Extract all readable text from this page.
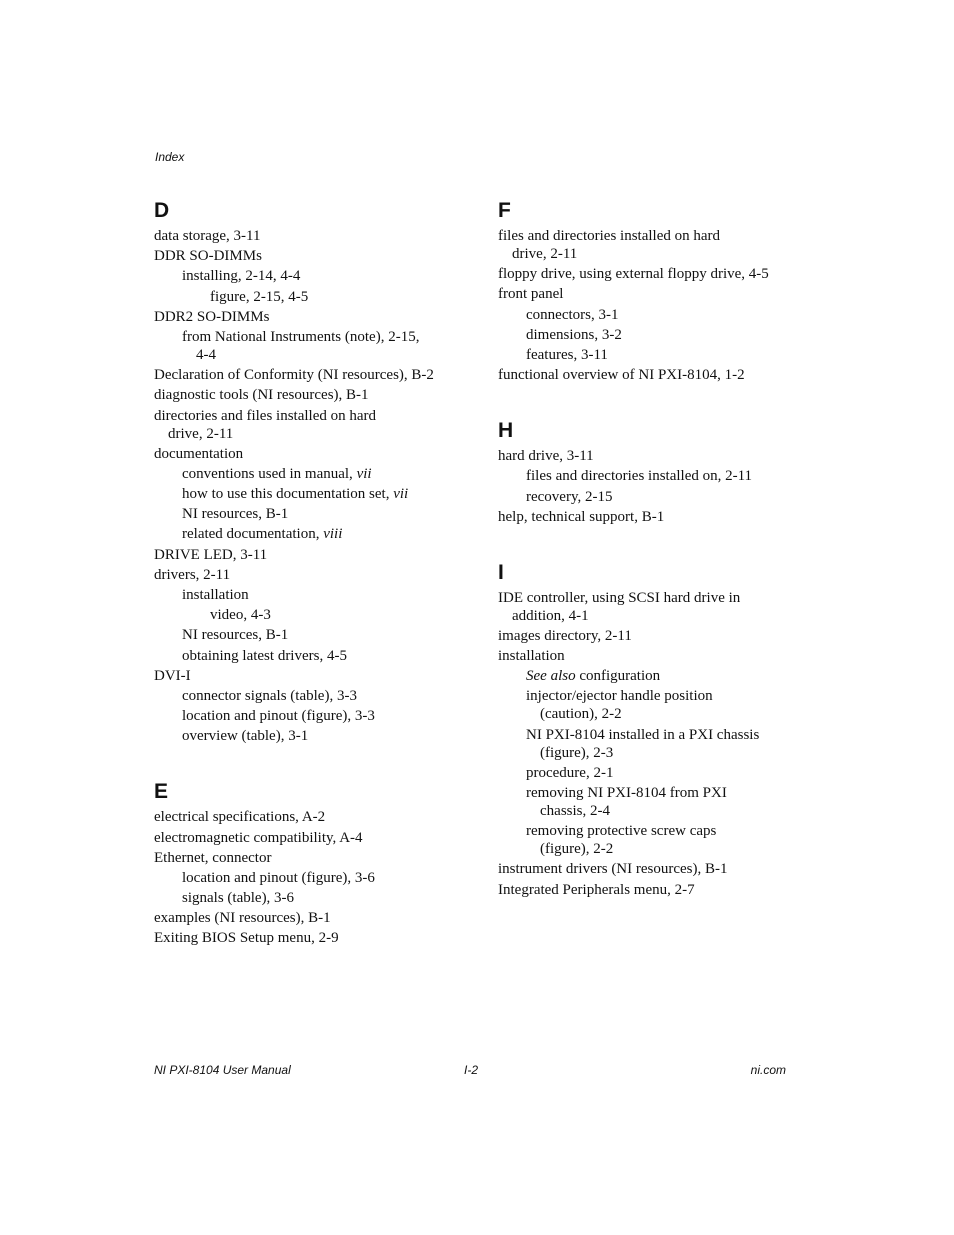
Index
D
data storage, 3-11
DDR SO-DIMMs
installing, 2-14, 4-4
figure, 2-15, 4-5
DDR2 SO-DIMMs
from National Instruments (note), 2-15,
4-4
Declaration of Conformity (NI resources), B-2
diagnostic tools (NI resources), B-1
directories and files installed on hard
drive, 2-11
documentation
conventions used in manual, vii
how to use this documentation set, vii
NI resources, B-1
related documentation, viii
DRIVE LED, 3-11
drivers, 2-11
installation
video, 4-3
NI resources, B-1
obtaining latest drivers, 4-5
DVI-I
connector signals (table), 3-3
location and pinout (figure), 3-3
overview (table), 3-1
E
electrical specifications, A-2
electromagnetic compatibility, A-4
Ethernet, connector
location and pinout (figure), 3-6
signals (table), 3-6
examples (NI resources), B-1
Exiting BIOS Setup menu, 2-9
F
files and directories installed on hard
drive, 2-11
floppy drive, using external floppy drive, 4-5
front panel
connectors, 3-1
dimensions, 3-2
features, 3-11
functional overview of NI PXI-8104, 1-2
H
hard drive, 3-11
files and directories installed on, 2-11
recovery, 2-15
help, technical support, B-1
I
IDE controller, using SCSI hard drive in
addition, 4-1
images directory, 2-11
installation
See also configuration
injector/ejector handle position
(caution), 2-2
NI PXI-8104 installed in a PXI chassis
(figure), 2-3
procedure, 2-1
removing NI PXI-8104 from PXI
chassis, 2-4
removing protective screw caps
(figure), 2-2
instrument drivers (NI resources), B-1
Integrated Peripherals menu, 2-7
NI PXI-8104 User Manual	I-2	ni.com
